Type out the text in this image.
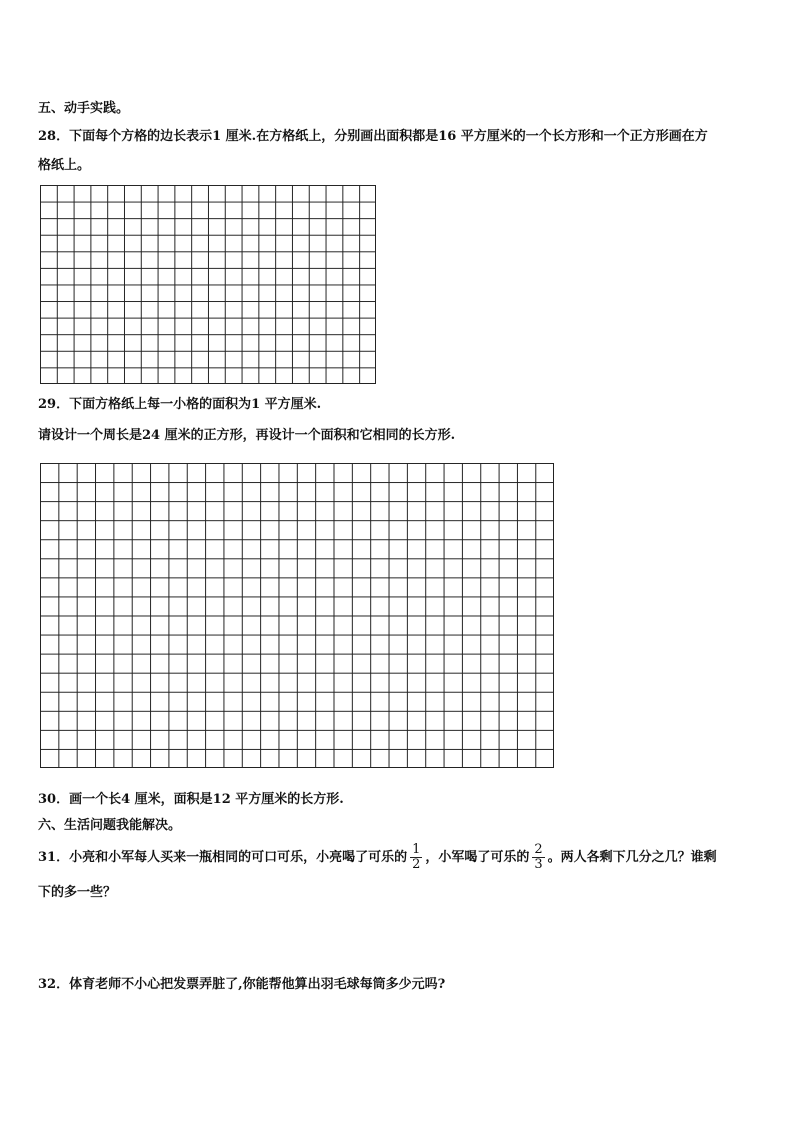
五、动手实践。
28．下面每个方格的边长表示1 厘米.在方格纸上，分别画出面积都是16 平方厘米的一个长方形和一个正方形画在方
格纸上。
29．下面方格纸上每一小格的面积为1 平方厘米.
请设计一个周长是24 厘米的正方形，再设计一个面积和它相同的长方形.
30．画一个长4 厘米，面积是12 平方厘米的长方形.
六、生活问题我能解决。
31．小亮和小军每人买来一瓶相同的可口可乐，小亮喝了可乐的 $\frac{1}{2}$ ，小军喝了可乐的 $\frac{2}{3}$ 。两人各剩下几分之几？谁剩
下的多一些？
32．体育老师不小心把发票弄脏了,你能帮他算出羽毛球每筒多少元吗?
